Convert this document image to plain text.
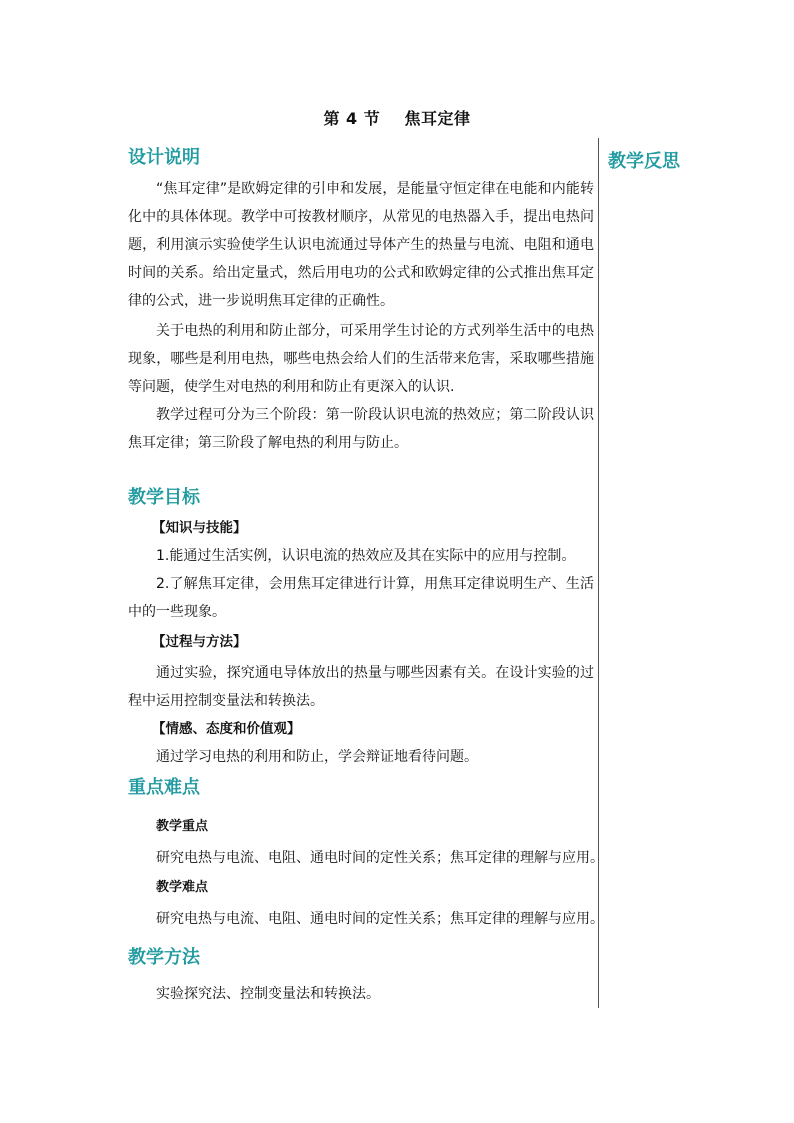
第 4 节    焦耳定律
教学反思
设计说明
“焦耳定律”是欧姆定律的引申和发展，是能量守恒定律在电能和内能转化中的具体体现。教学中可按教材顺序，从常见的电热器入手，提出电热问题，利用演示实验使学生认识电流通过导体产生的热量与电流、电阻和通电时间的关系。给出定量式，然后用电功的公式和欧姆定律的公式推出焦耳定律的公式，进一步说明焦耳定律的正确性。
关于电热的利用和防止部分，可采用学生讨论的方式列举生活中的电热现象，哪些是利用电热，哪些电热会给人们的生活带来危害，采取哪些措施等问题，使学生对电热的利用和防止有更深入的认识.
教学过程可分为三个阶段：第一阶段认识电流的热效应；第二阶段认识焦耳定律；第三阶段了解电热的利用与防止。
教学目标
【知识与技能】
1.能通过生活实例，认识电流的热效应及其在实际中的应用与控制。
2.了解焦耳定律，会用焦耳定律进行计算，用焦耳定律说明生产、生活中的一些现象。
【过程与方法】
通过实验，探究通电导体放出的热量与哪些因素有关。在设计实验的过程中运用控制变量法和转换法。
【情感、态度和价值观】
通过学习电热的利用和防止，学会辩证地看待问题。
重点难点
教学重点
研究电热与电流、电阻、通电时间的定性关系；焦耳定律的理解与应用。
教学难点
研究电热与电流、电阻、通电时间的定性关系；焦耳定律的理解与应用。
教学方法
实验探究法、控制变量法和转换法。
